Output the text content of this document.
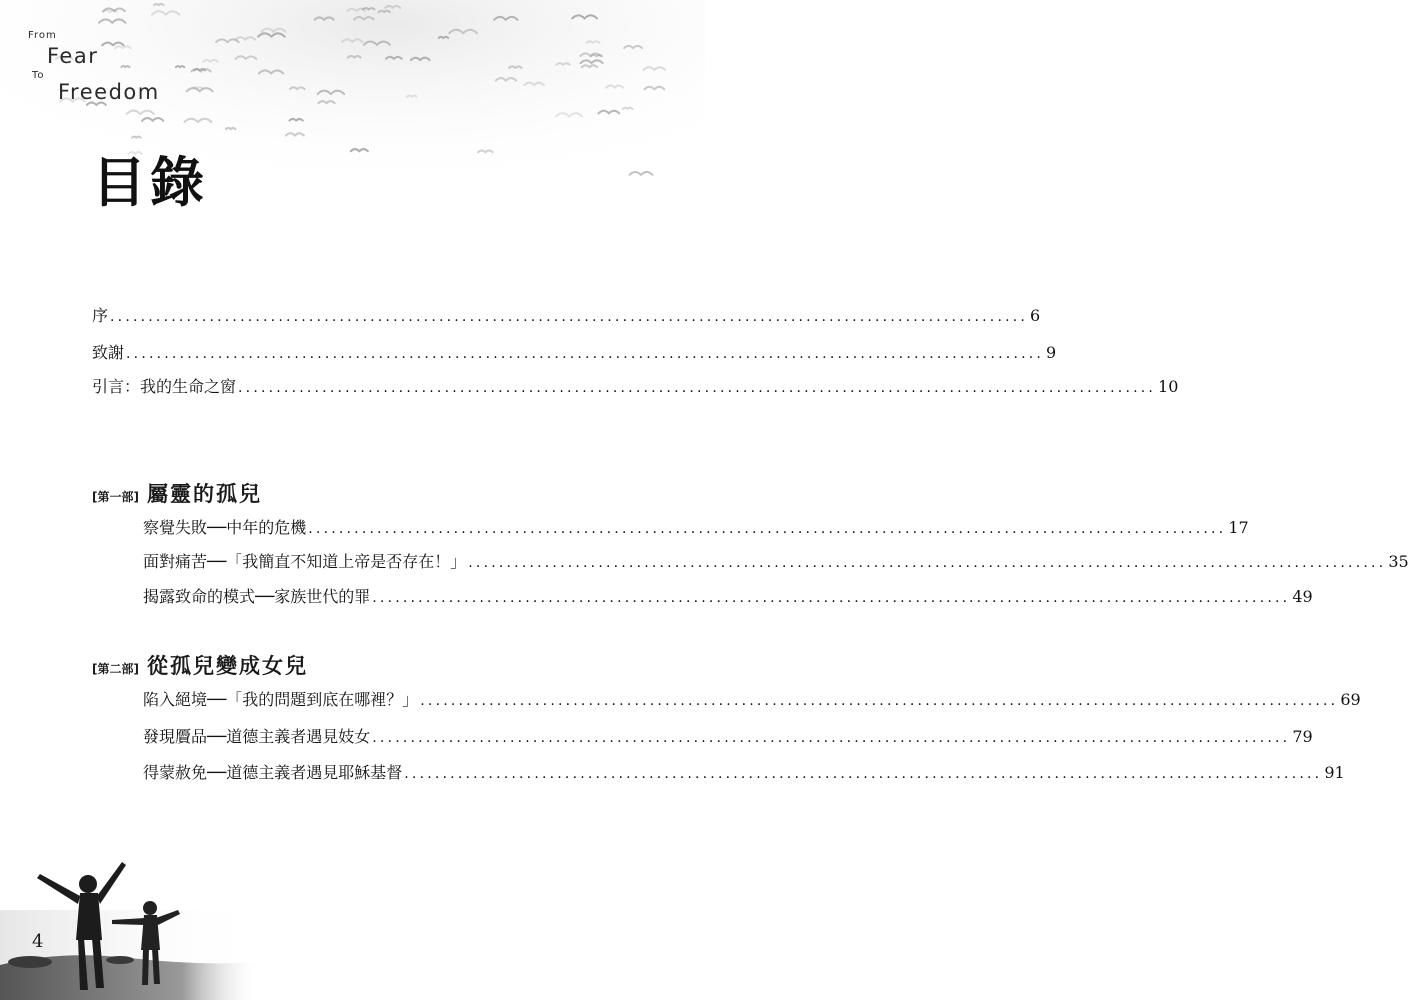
From
Fear
To
Freedom
目錄
序 ........................................................................................................................ 6
致謝 ........................................................................................................................ 9
引言：我的生命之窗 ........................................................................................................................ 10
[第一部] 屬靈的孤兒
察覺失敗──中年的危機 ........................................................................................................................ 17
面對痛苦──「我簡直不知道上帝是否存在！」 ........................................................................................................................ 35
揭露致命的模式──家族世代的罪 ........................................................................................................................ 49
[第二部] 從孤兒變成女兒
陷入絕境──「我的問題到底在哪裡？」 ........................................................................................................................ 69
發現贗品──道德主義者遇見妓女 ........................................................................................................................ 79
得蒙赦免──道德主義者遇見耶穌基督 ........................................................................................................................ 91
4
